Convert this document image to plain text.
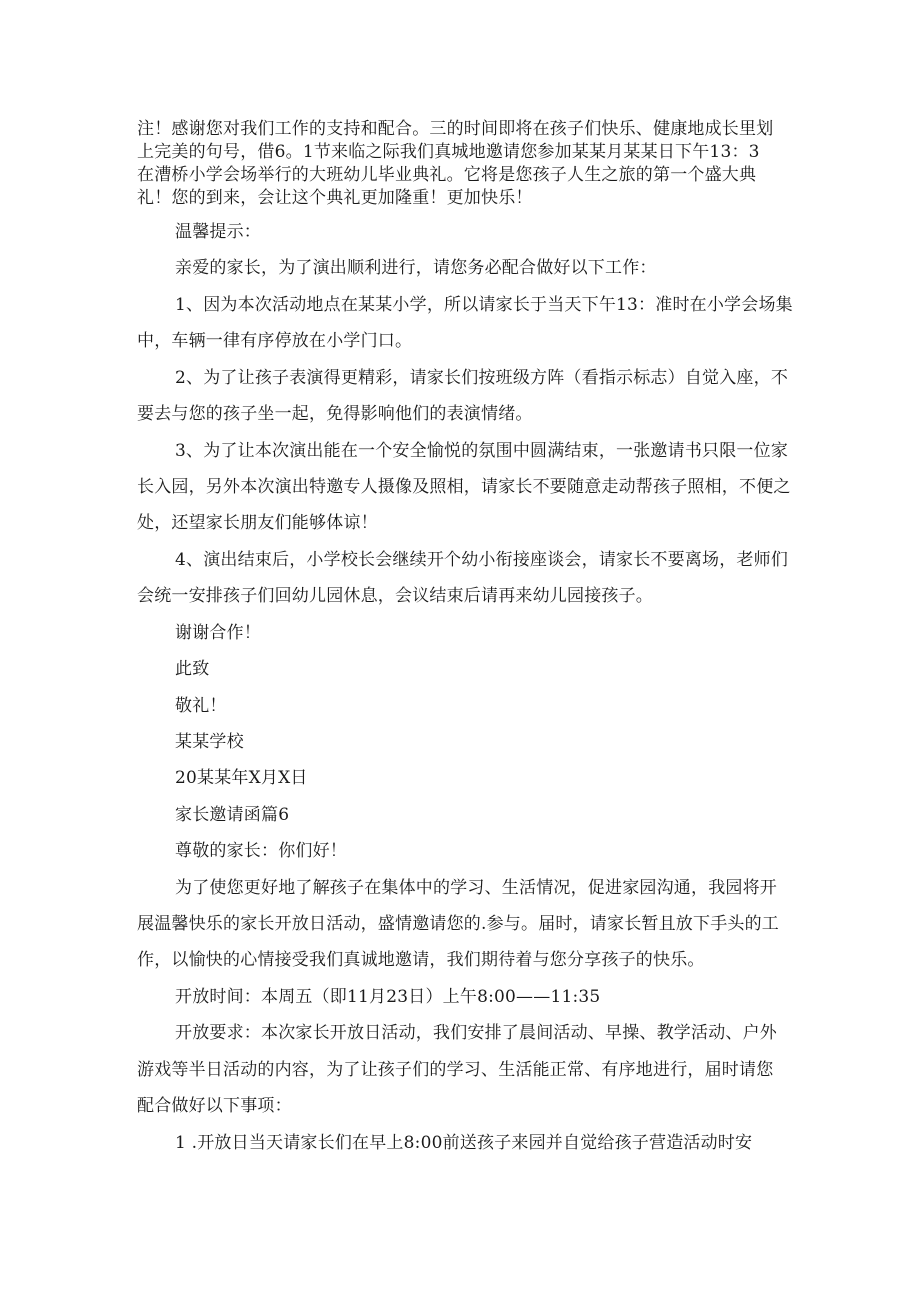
注！感谢您对我们工作的支持和配合。三的时间即将在孩子们快乐、健康地成长里划
上完美的句号，借6。1节来临之际我们真城地邀请您参加某某月某某日下午13：3
在漕桥小学会场举行的大班幼儿毕业典礼。它将是您孩子人生之旅的第一个盛大典
礼！您的到来，会让这个典礼更加隆重！更加快乐！
温馨提示：
亲爱的家长，为了演出顺利进行，请您务必配合做好以下工作：
1、因为本次活动地点在某某小学，所以请家长于当天下午13：准时在小学会场集
中，车辆一律有序停放在小学门口。
2、为了让孩子表演得更精彩，请家长们按班级方阵（看指示标志）自觉入座，不
要去与您的孩子坐一起，免得影响他们的表演情绪。
3、为了让本次演出能在一个安全愉悦的氛围中圆满结束，一张邀请书只限一位家
长入园，另外本次演出特邀专人摄像及照相，请家长不要随意走动帮孩子照相，不便之
处，还望家长朋友们能够体谅！
4、演出结束后，小学校长会继续开个幼小衔接座谈会，请家长不要离场，老师们
会统一安排孩子们回幼儿园休息，会议结束后请再来幼儿园接孩子。
谢谢合作！
此致
敬礼！
某某学校
20某某年X月X日
家长邀请函篇6
尊敬的家长：你们好！
为了使您更好地了解孩子在集体中的学习、生活情况，促进家园沟通，我园将开
展温馨快乐的家长开放日活动，盛情邀请您的.参与。届时，请家长暂且放下手头的工
作，以愉快的心情接受我们真诚地邀请，我们期待着与您分享孩子的快乐。
开放时间：本周五（即11月23日）上午8:00——11:35
开放要求：本次家长开放日活动，我们安排了晨间活动、早操、教学活动、户外
游戏等半日活动的内容，为了让孩子们的学习、生活能正常、有序地进行，届时请您
配合做好以下事项：
1 .开放日当天请家长们在早上8:00前送孩子来园并自觉给孩子营造活动时安
